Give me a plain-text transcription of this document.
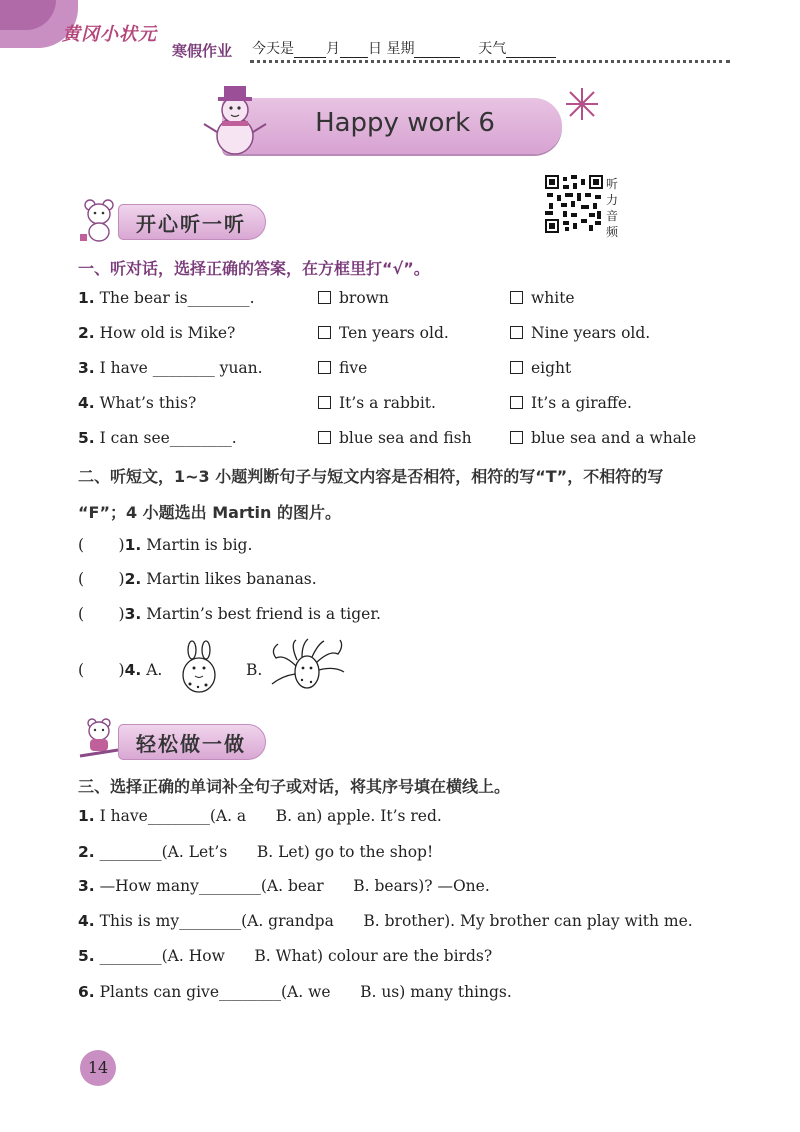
黄冈小状元
寒假作业 今天是 月 日 星期	天气
Happy work 6
听
力
音
频
开心听一听
一、听对话，选择正确的答案，在方框里打“√”。
1. The bear is________.	brown	white
2. How old is Mike?	Ten years old.	Nine years old.
3. I have ________ yuan.	five	eight
4. What’s this?	It’s a rabbit.	It’s a giraffe.
5. I can see________.	blue sea and fish	blue sea and a whale
二、听短文，1~3 小题判断句子与短文内容是否相符，相符的写“T”，不相符的写
“F”；4 小题选出 Martin 的图片。
(       )1. Martin is big.
(       )2. Martin likes bananas.
(       )3. Martin’s best friend is a tiger.
(       )4. A.	B.
轻松做一做
三、选择正确的单词补全句子或对话，将其序号填在横线上。
1. I have________(A. a      B. an) apple. It’s red.
2. ________(A. Let’s      B. Let) go to the shop!
3. —How many________(A. bear      B. bears)? —One.
4. This is my________(A. grandpa      B. brother). My brother can play with me.
5. ________(A. How      B. What) colour are the birds?
6. Plants can give________(A. we      B. us) many things.
14
